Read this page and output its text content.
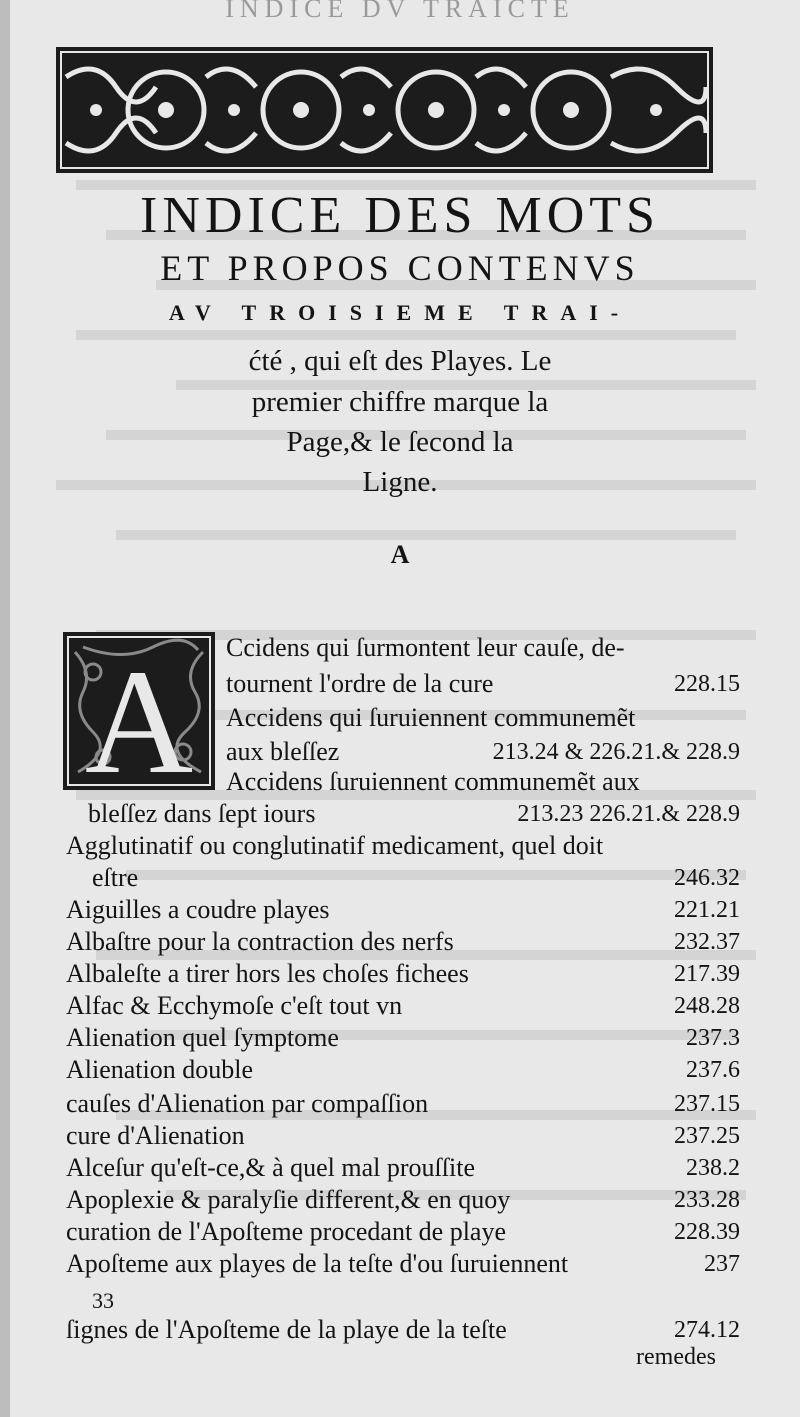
INDICE DV TRAICTE
INDICE DES MOTS
ET PROPOS CONTENVS
AV TROISIEME TRAI-
ćté , qui eſt des Playes. Le
premier chiffre marque la
Page,& le ſecond la
Ligne.
A
A Ccidens qui ſurmontent leur cauſe, de-
tournent l'ordre de la cure	228.15
Accidens qui ſuruiennent communemẽt
aux bleſſez	213.24 & 226.21.& 228.9
Accidens ſuruiennent communemẽt aux
bleſſez dans ſept iours	213.23 226.21.& 228.9
Agglutinatif ou conglutinatif medicament, quel doit
eſtre	246.32
Aiguilles a coudre playes	221.21
Albaſtre pour la contraction des nerfs	232.37
Albaleſte a tirer hors les choſes fichees	217.39
Alfac & Ecchymoſe c'eſt tout vn	248.28
Alienation quel ſymptome	237.3
Alienation double	237.6
cauſes d'Alienation par compaſſion	237.15
cure d'Alienation	237.25
Alceſur qu'eſt-ce,& à quel mal prouſſite	238.2
Apoplexie & paralyſie different,& en quoy	233.28
curation de l'Apoſteme procedant de playe	228.39
Apoſteme aux playes de la teſte d'ou ſuruiennent	237
ſignes de l'Apoſteme de la playe de la teſte	274.12
33
remedes
